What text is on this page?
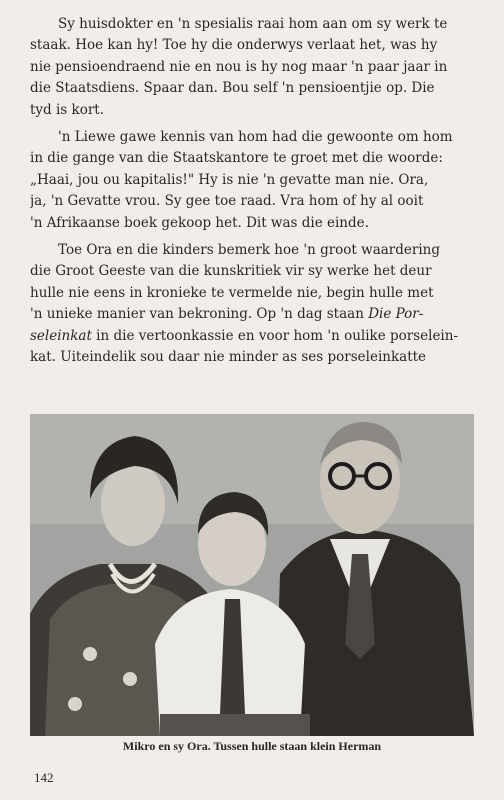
Sy huisdokter en 'n spesialis raai hom aan om sy werk te
staak. Hoe kan hy! Toe hy die onderwys verlaat het, was hy
nie pensioendraend nie en nou is hy nog maar 'n paar jaar in
die Staatsdiens. Spaar dan. Bou self 'n pensioentjie op. Die
tyd is kort.

'n Liewe gawe kennis van hom had die gewoonte om hom
in die gange van die Staatskantore te groet met die woorde:
„Haai, jou ou kapitalis!" Hy is nie 'n gevatte man nie. Ora,
ja, 'n Gevatte vrou. Sy gee toe raad. Vra hom of hy al ooit
'n Afrikaanse boek gekoop het. Dit was die einde.

Toe Ora en die kinders bemerk hoe 'n groot waardering
die Groot Geeste van die kunskritiek vir sy werke het deur
hulle nie eens in kronieke te vermelde nie, begin hulle met
'n unieke manier van bekroning. Op 'n dag staan Die Por-
seleinkat in die vertoonkassie en voor hom 'n oulike porselein-
kat. Uiteindelik sou daar nie minder as ses porseleinkatte

Mikro en sy Ora. Tussen hulle staan klein Herman
142
